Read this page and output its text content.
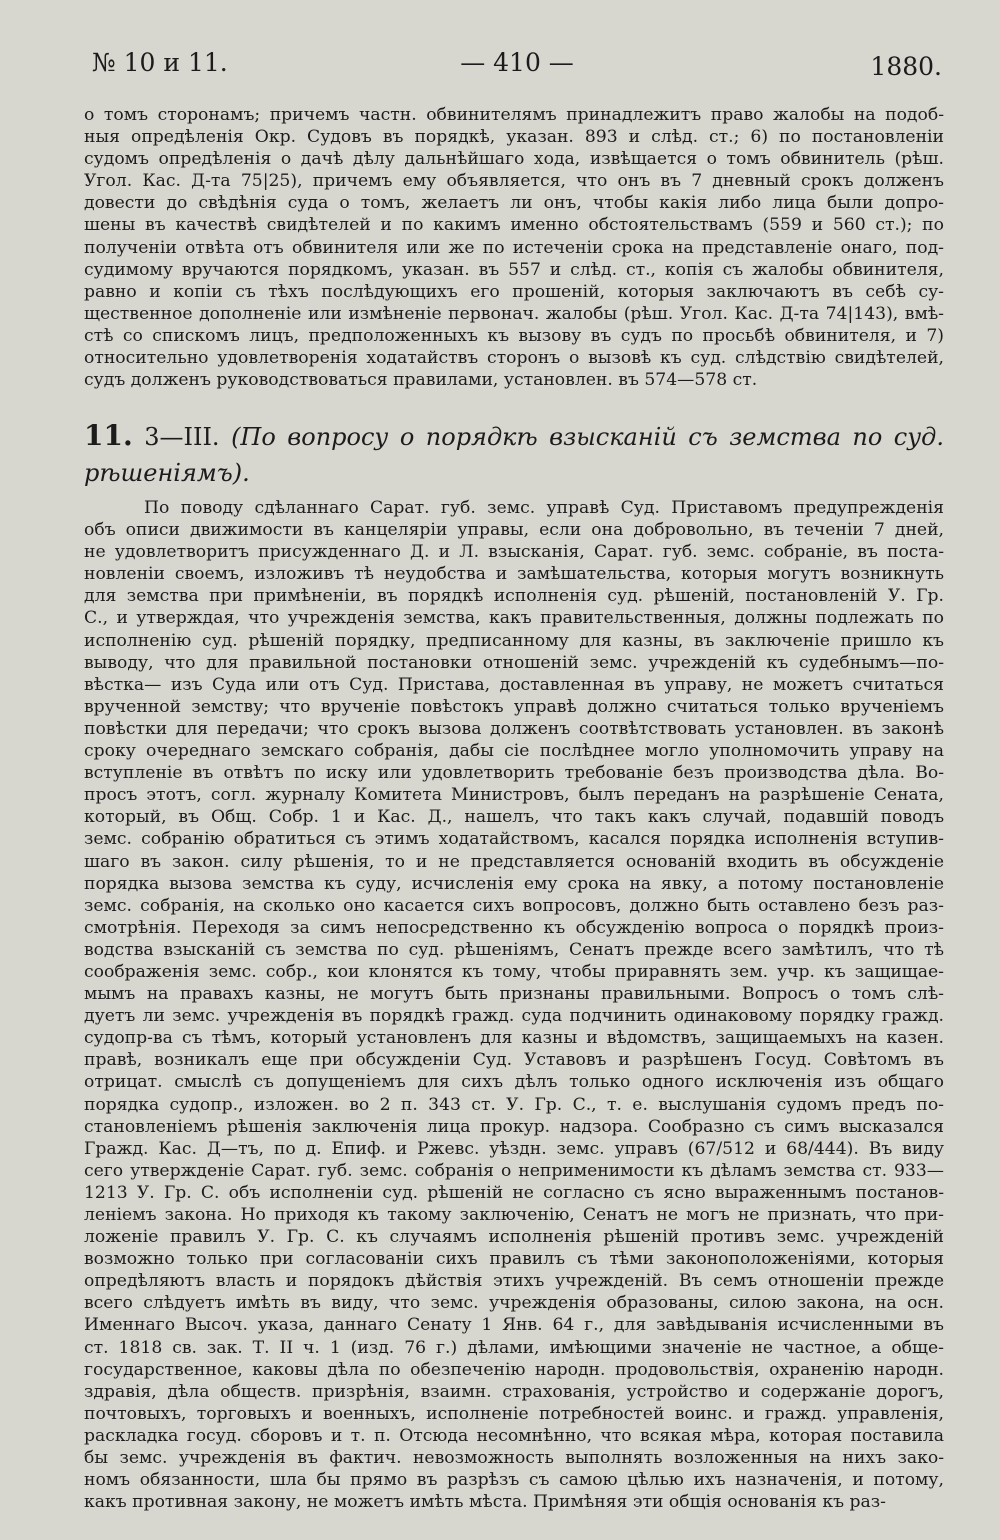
№ 10 и 11.	— 410 —	1880.
о томъ сторонамъ; причемъ частн. обвинителямъ принадлежитъ право жалобы на подоб-
ныя опредѣленія Окр. Судовъ въ порядкѣ, указан. 893 и слѣд. ст.; 6) по постановленіи
судомъ опредѣленія о дачѣ дѣлу дальнѣйшаго хода, извѣщается о томъ обвинитель (рѣш.
Угол. Кас. Д-та 75|25), причемъ ему объявляется, что онъ въ 7 дневный срокъ долженъ
довести до свѣдѣнія суда о томъ, желаетъ ли онъ, чтобы какія либо лица были допро-
шены въ качествѣ свидѣтелей и по какимъ именно обстоятельствамъ (559 и 560 ст.); по
полученіи отвѣта отъ обвинителя или же по истеченіи срока на представленіе онаго, под-
судимому вручаются порядкомъ, указан. въ 557 и слѣд. ст., копія съ жалобы обвинителя,
равно и копіи съ тѣхъ послѣдующихъ его прошеній, которыя заключаютъ въ себѣ су-
щественное дополненіе или измѣненіе первонач. жалобы (рѣш. Угол. Кас. Д-та 74|143), вмѣ-
стѣ со спискомъ лицъ, предположенныхъ къ вызову въ судъ по просьбѣ обвинителя, и 7)
относительно удовлетворенія ходатайствъ сторонъ о вызовѣ къ суд. слѣдствію свидѣтелей,
судъ долженъ руководствоваться правилами, установлен. въ 574—578 ст.
11. 3—III. (По вопросу о порядкѣ взысканій съ земства по суд.
рѣшеніямъ).
По поводу сдѣланнаго Сарат. губ. земс. управѣ Суд. Приставомъ предупрежденія
объ описи движимости въ канцеляріи управы, если она добровольно, въ теченіи 7 дней,
не удовлетворитъ присужденнаго Д. и Л. взысканія, Сарат. губ. земс. собраніе, въ поста-
новленіи своемъ, изложивъ тѣ неудобства и замѣшательства, которыя могутъ возникнуть
для земства при примѣненіи, въ порядкѣ исполненія суд. рѣшеній, постановленій У. Гр.
С., и утверждая, что учрежденія земства, какъ правительственныя, должны подлежать по
исполненію суд. рѣшеній порядку, предписанному для казны, въ заключеніе пришло къ
выводу, что для правильной постановки отношеній земс. учрежденій къ судебнымъ—по-
вѣстка— изъ Суда или отъ Суд. Пристава, доставленная въ управу, не можетъ считаться
врученной земству; что врученіе повѣстокъ управѣ должно считаться только врученіемъ
повѣстки для передачи; что срокъ вызова долженъ соотвѣтствовать установлен. въ законѣ
сроку очереднаго земскаго собранія, дабы сіе послѣднее могло уполномочить управу на
вступленіе въ отвѣтъ по иску или удовлетворить требованіе безъ производства дѣла. Во-
просъ этотъ, согл. журналу Комитета Министровъ, былъ переданъ на разрѣшеніе Сената,
который, въ Общ. Собр. 1 и Кас. Д., нашелъ, что такъ какъ случай, подавшій поводъ
земс. собранію обратиться съ этимъ ходатайствомъ, касался порядка исполненія вступив-
шаго въ закон. силу рѣшенія, то и не представляется основаній входить въ обсужденіе
порядка вызова земства къ суду, исчисленія ему срока на явку, а потому постановленіе
земс. собранія, на сколько оно касается сихъ вопросовъ, должно быть оставлено безъ раз-
смотрѣнія. Переходя за симъ непосредственно къ обсужденію вопроса о порядкѣ произ-
водства взысканій съ земства по суд. рѣшеніямъ, Сенатъ прежде всего замѣтилъ, что тѣ
соображенія земс. собр., кои клонятся къ тому, чтобы приравнять зем. учр. къ защищае-
мымъ на правахъ казны, не могутъ быть признаны правильными. Вопросъ о томъ слѣ-
дуетъ ли земс. учрежденія въ порядкѣ гражд. суда подчинить одинаковому порядку гражд.
судопр-ва съ тѣмъ, который установленъ для казны и вѣдомствъ, защищаемыхъ на казен.
правѣ, возникалъ еще при обсужденіи Суд. Уставовъ и разрѣшенъ Госуд. Совѣтомъ въ
отрицат. смыслѣ съ допущеніемъ для сихъ дѣлъ только одного исключенія изъ общаго
порядка судопр., изложен. во 2 п. 343 ст. У. Гр. С., т. е. выслушанія судомъ предъ по-
становленіемъ рѣшенія заключенія лица прокур. надзора. Сообразно съ симъ высказался
Гражд. Кас. Д—тъ, по д. Епиф. и Ржевс. уѣздн. земс. управъ (67/512 и 68/444). Въ виду
сего утвержденіе Сарат. губ. земс. собранія о неприменимости къ дѣламъ земства ст. 933—
1213 У. Гр. С. объ исполненіи суд. рѣшеній не согласно съ ясно выраженнымъ постанов-
леніемъ закона. Но приходя къ такому заключенію, Сенатъ не могъ не признать, что при-
ложеніе правилъ У. Гр. С. къ случаямъ исполненія рѣшеній противъ земс. учрежденій
возможно только при согласованіи сихъ правилъ съ тѣми законоположеніями, которыя
опредѣляютъ власть и порядокъ дѣйствія этихъ учрежденій. Въ семъ отношеніи прежде
всего слѣдуетъ имѣть въ виду, что земс. учрежденія образованы, силою закона, на осн.
Именнаго Высоч. указа, даннаго Сенату 1 Янв. 64 г., для завѣдыванія исчисленными въ
ст. 1818 св. зак. Т. II ч. 1 (изд. 76 г.) дѣлами, имѣющими значеніе не частное, а обще-
государственное, каковы дѣла по обезпеченію народн. продовольствія, охраненію народн.
здравія, дѣла обществ. призрѣнія, взаимн. страхованія, устройство и содержаніе дорогъ,
почтовыхъ, торговыхъ и военныхъ, исполненіе потребностей воинс. и гражд. управленія,
раскладка госуд. сборовъ и т. п. Отсюда несомнѣнно, что всякая мѣра, которая поставила
бы земс. учрежденія въ фактич. невозможность выполнять возложенныя на нихъ зако-
номъ обязанности, шла бы прямо въ разрѣзъ съ самою цѣлью ихъ назначенія, и потому,
какъ противная закону, не можетъ имѣть мѣста. Примѣняя эти общія основанія къ раз-
